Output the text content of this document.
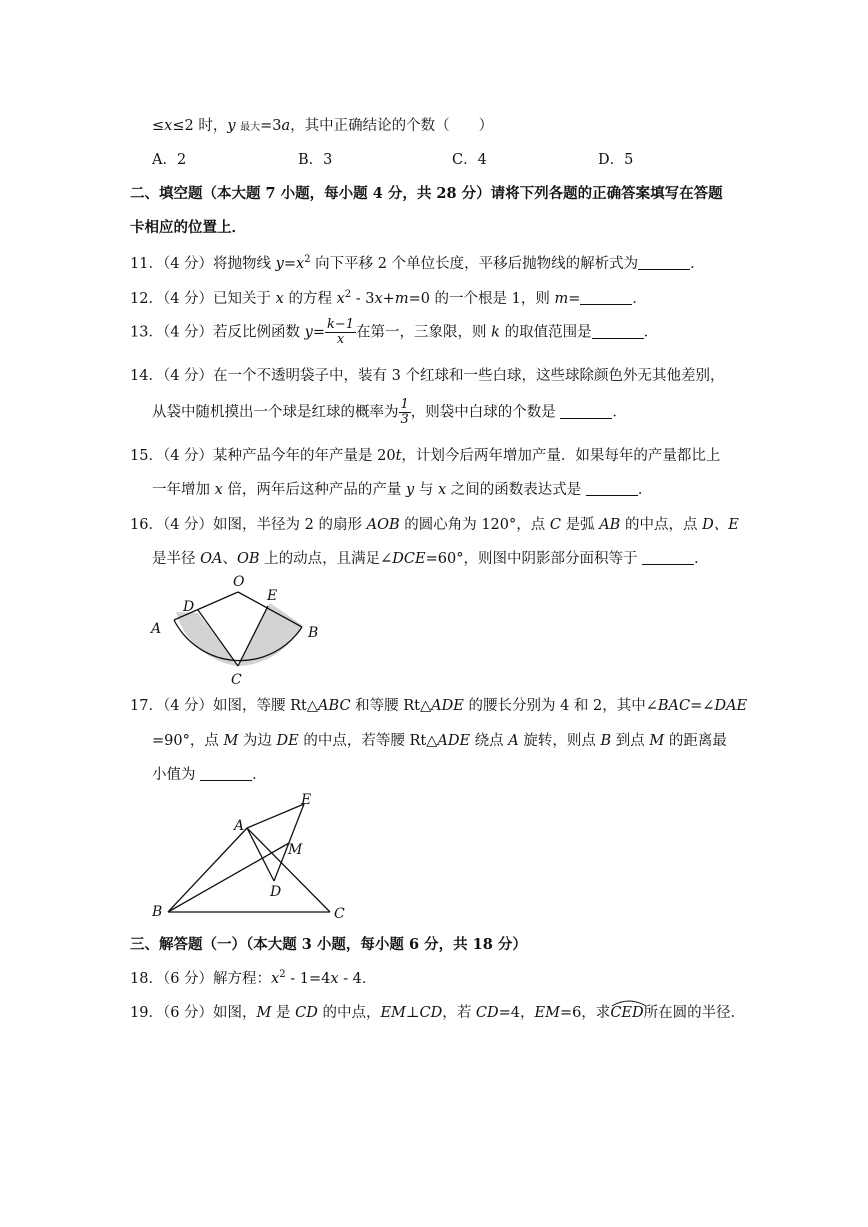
≤x≤2 时，y 最大=3a，其中正确结论的个数（　　）
A．2	B．3	C．4	D．5
二、填空题（本大题 7 小题，每小题 4 分，共 28 分）请将下列各题的正确答案填写在答题
卡相应的位置上．
11．（4 分）将抛物线 $y=x^2$ 向下平移 2 个单位长度，平移后抛物线的解析式为	．
12．（4 分）已知关于 x 的方程 $x^2 - 3x+m=0$ 的一个根是 1，则 m=	．
13．（4 分）若反比例函数 $y= \frac{k-1}{x}$ 在第一，三象限，则 k 的取值范围是	．
14．（4 分）在一个不透明袋子中，装有 3 个红球和一些白球，这些球除颜色外无其他差别，
从袋中随机摸出一个球是红球的概率为 $\frac{1}{3}$ ，则袋中白球的个数是	．
15．（4 分）某种产品今年的年产量是 20t，计划今后两年增加产量．如果每年的产量都比上
一年增加 x 倍，两年后这种产品的产量 y 与 x 之间的函数表达式是	．
16．（4 分）如图，半径为 2 的扇形 AOB 的圆心角为 120°，点 C 是弧 AB 的中点，点 D、E
是半径 OA、OB 上的动点，且满足∠DCE=60°，则图中阴影部分面积等于	．
O
D
E
A	B
C
17．（4 分）如图，等腰 Rt△ABC 和等腰 Rt△ADE 的腰长分别为 4 和 2，其中∠BAC=∠DAE
=90°，点 M 为边 DE 的中点，若等腰 Rt△ADE 绕点 A 旋转，则点 B 到点 M 的距离最
小值为	．
E
A
M
D
B	C
三、解答题（一）（本大题 3 小题，每小题 6 分，共 18 分）
18．（6 分）解方程：$x^2 - 1=4x - 4$．
19．（6 分）如图，M 是 CD 的中点，EM⊥CD，若 CD=4，EM=6，求
CED所在圆的半径．
